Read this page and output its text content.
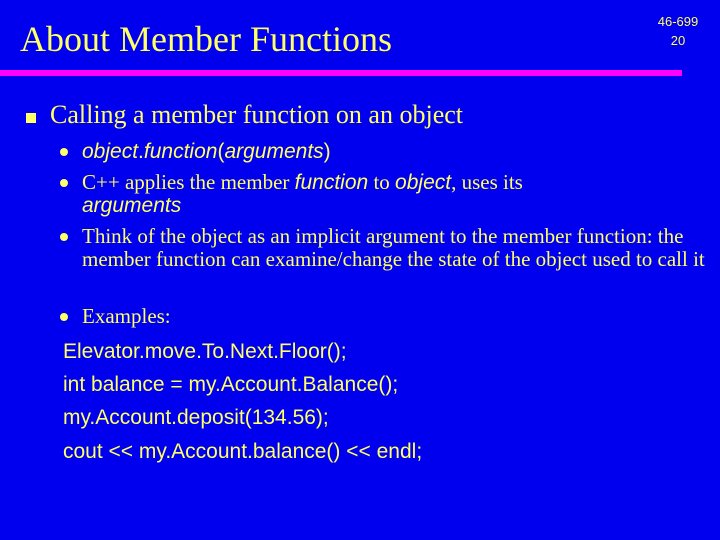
About Member Functions	46-699
20
Calling a member function on an object
object.function(arguments)
C++ applies the member function to object, uses its
arguments
Think of the object as an implicit argument to the member function: the member function can examine/change the state of the object used to call it
Examples:
Elevator.move.To.Next.Floor();
int balance = my.Account.Balance();
my.Account.deposit(134.56);
cout << my.Account.balance() << endl;
